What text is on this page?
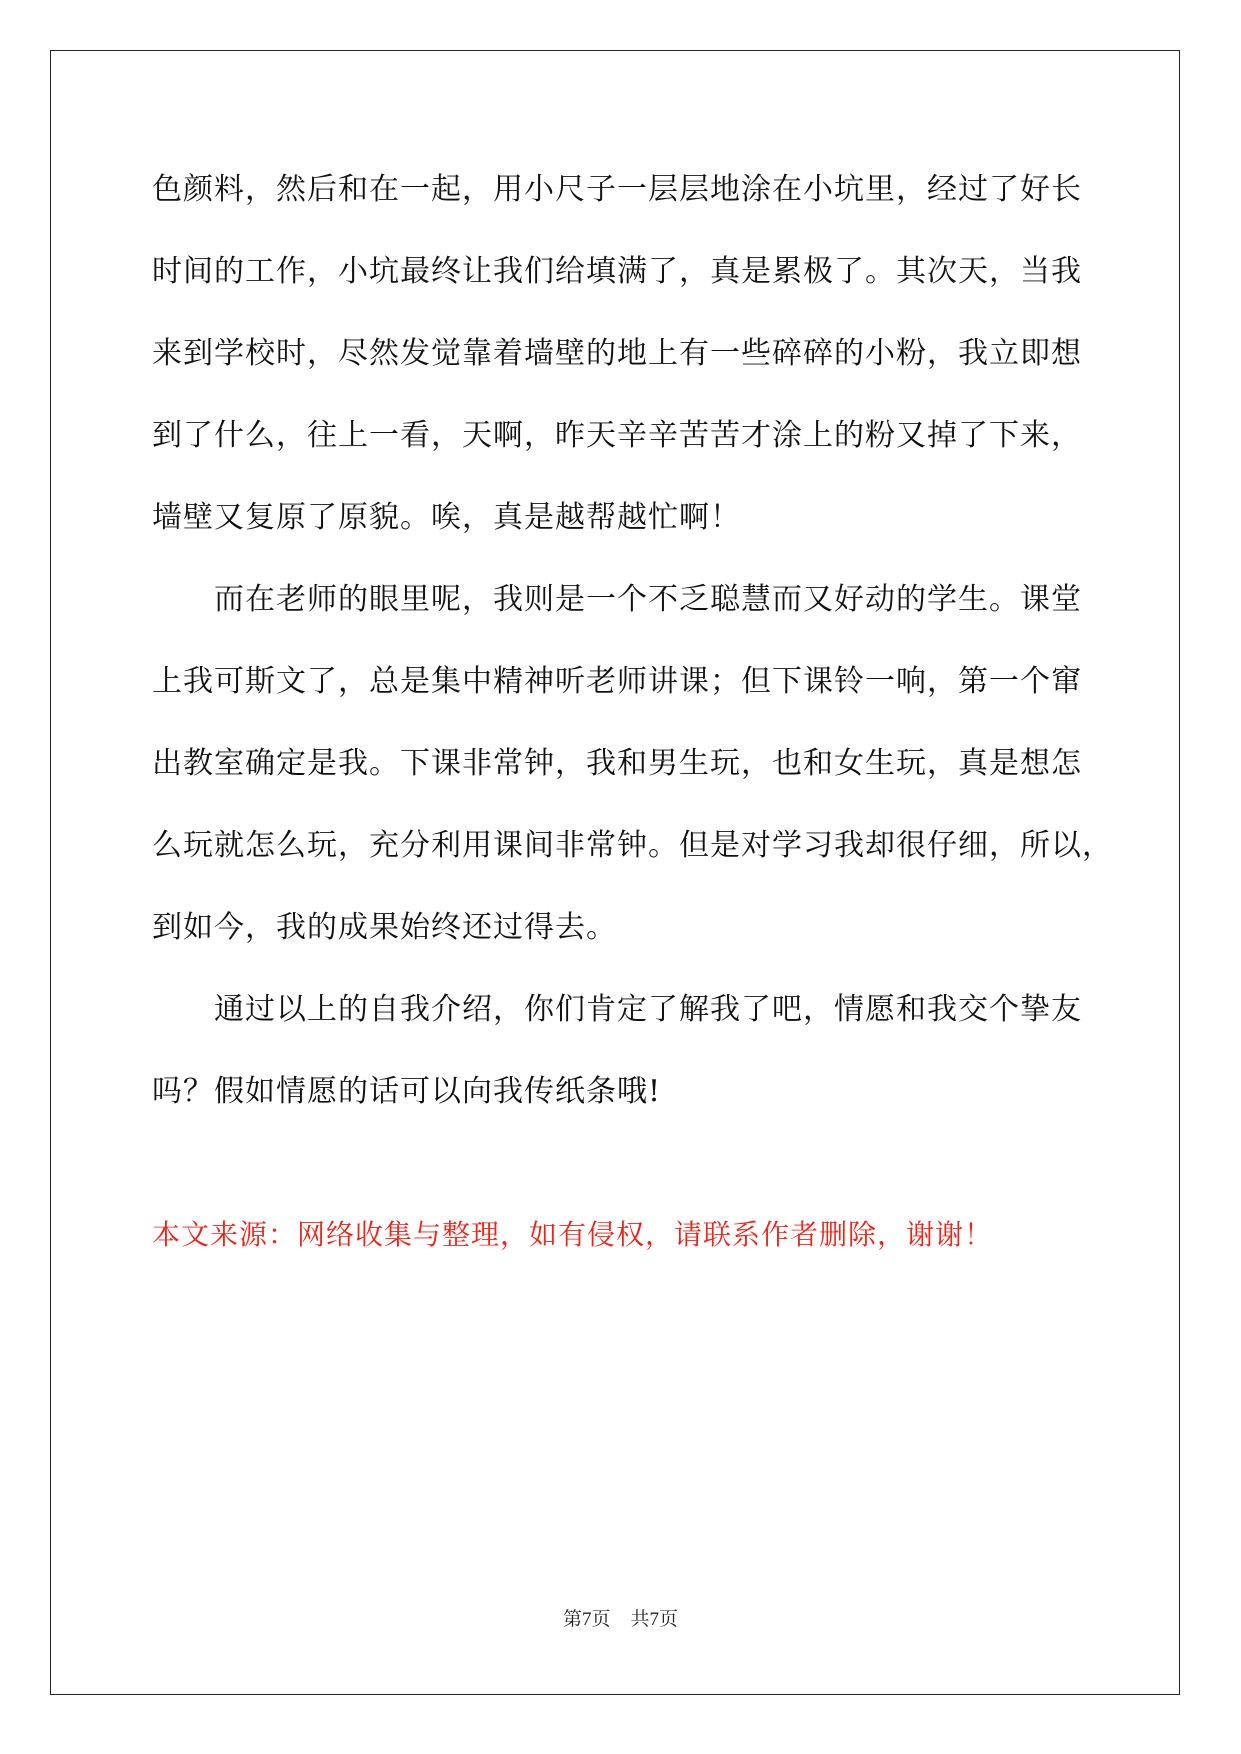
色颜料，然后和在一起，用小尺子一层层地涂在小坑里，经过了好长
时间的工作，小坑最终让我们给填满了，真是累极了。其次天，当我
来到学校时，尽然发觉靠着墙壁的地上有一些碎碎的小粉，我立即想
到了什么，往上一看，天啊，昨天辛辛苦苦才涂上的粉又掉了下来，
墙壁又复原了原貌。唉，真是越帮越忙啊！
而在老师的眼里呢，我则是一个不乏聪慧而又好动的学生。课堂
上我可斯文了，总是集中精神听老师讲课；但下课铃一响，第一个窜
出教室确定是我。下课非常钟，我和男生玩，也和女生玩，真是想怎
么玩就怎么玩，充分利用课间非常钟。但是对学习我却很仔细，所以，
到如今，我的成果始终还过得去。
通过以上的自我介绍，你们肯定了解我了吧，情愿和我交个挚友
吗？假如情愿的话可以向我传纸条哦!
本文来源：网络收集与整理，如有侵权，请联系作者删除，谢谢！
第7页 共7页
